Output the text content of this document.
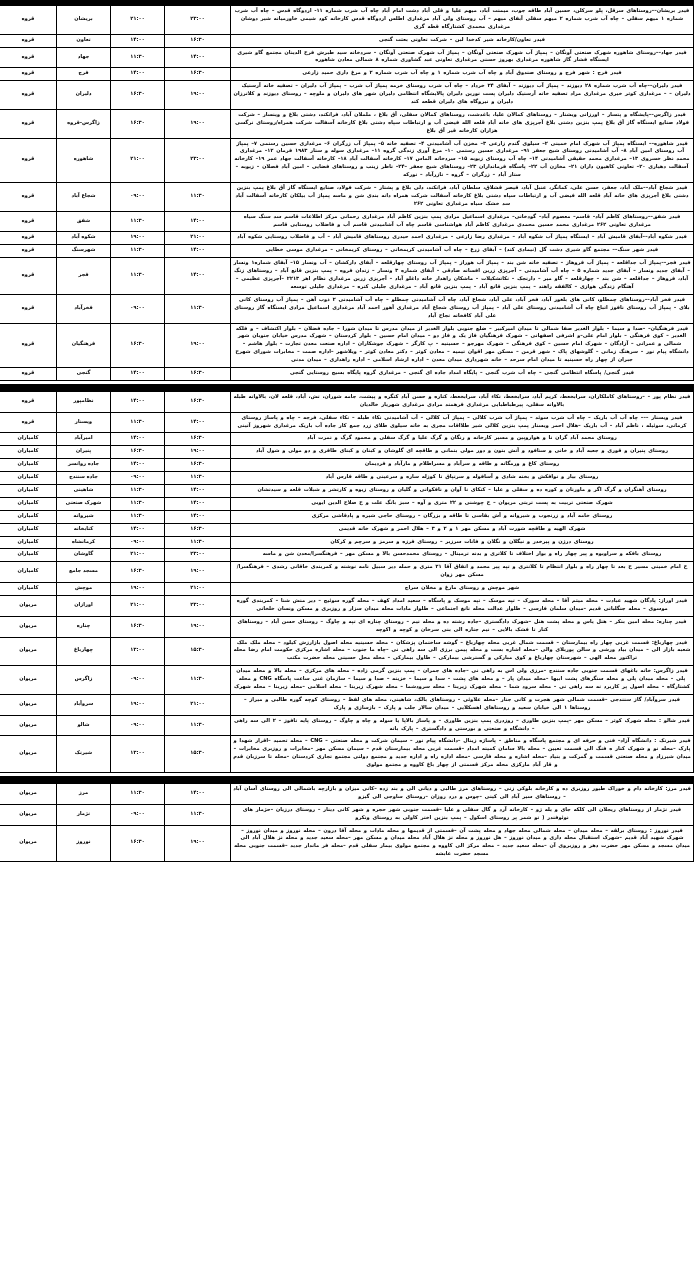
فیدر بریشان––روستاهای سرقل، پلو سرکلن، حسین آباد طاقه جوب، میمنت آباد، میهم علیا و قلی آباد دشت امام آباد چاه آب شرب شماره ۱۱- اردوگاه قدس – چاه آب شرب شماره ۱ میهم سفلی – چاه آب شرب شماره ۲ میهم سفلی آبفای میهم – آب روستای ولی آباد مرغداری اطلس اردوگاه قدس کارخانه کود شیمی خاورمیانه شیر دوشان مرغداری محمدی کشتارگاه قطه گری	۲۳:۰۰	۲۱:۰۰	بریشان	قروه
فیدر تعاون/کارخانه شیر کدخدا لبن – شرکت تعاونی بعثت گنجی	۱۶:۳۰	۱۴:۰۰	تعاون	قروه
فیدر جهاد––روستای شاهوره شهرک صنعتی آونگان – پمپاژ آب شهرک صنعتی آونگان – پمپاژ آب شهرک صنعتی آونگان – سردخانه سید طبرش فرخ الدینان مجتمع گاو شیری ایستگاه فشار گاز شاهوره مرغداری بهروز حسنی مرغداری تعاونی عبد گشاوری شماره ۸ شمالی معادن شاهوره	۱۴:۰۰	۱۱:۳۰	جهاد	قروه
فیدر فرج : شهر فرج و روستای صندوق آباد و چاه آب شرب شماره ۱ و چاه آب شرب شماره ۲ و مرغ داری حمید زارعی	۱۶:۳۰	۱۴:۰۰	فرج	قروه
فیدر دلیران––چاه آب شرب شماره ۲۸ دیوزند – پمپاژ آب دیوزند – آبفای ۲۴ خرداد – چاه آب شرب روستای خرمه پمپاژ آب شرب – پمپاژ آب دلیران – تصفیه خانه آرسنیک دلیران – – مرغداری کوثر خیری مرغداری مراد تصفیه خانه آرسنیک دلیران پست نورین دلیران پالایشگاه انتظامی دلیران شهر های دلیران و ملوچه – روستای دیوزند و کلاترزان دلیران و نیروگاه های دلیران قطعه کند	۱۹:۰۰	۱۶:۳۰	دلیران	قروه
فیدر زاگرس––پایشگاه و پتسار – اورزانی ویشنار – روستاهای کمالان علیا، باغدشت، روستاهای کمالان سفلی، آق بلاغ ، ململان آباد، فرانکند، دشتی بلاغ و وینسار – شرکت فولاد صنایع ایستگاه گاز آق بلاغ پمپ بنزین دشتی بلاغ آجرپزی های خانه آباد قلعه الله فیضی آب و ارتباطات سپاه دشتی بلاغ کارخانه آسفالت شرکت همراه/روستای نرگسی هزاران کارخانه قیر آق بلاغ	۱۹:۰۰	۱۶:۳۰	زاگرس-قروه	قروه
فیدر شاهوره–– ایستگاه پمپاژ آب شهرک امام خمینی ۲– سیلوی گندم زارعی ۳– مخزن آب آشامیدنی ۴– تصفیه خانه ۵– پمپاژ آب زرگران ۶– مرغداری حسین رستمی ۷– پمپاژ آب روستای امین آباد ۸– آب آشامیدنی روستای شیخ جعفر ۹۱– مرغداری حسین رستمی ۱۰– مرغ آوری زندگی گروه ۱۱– مرغداری سوله و ستار ۱۹۸۳ فرمان ۱۲– مرغداری محمد نظر خسروی ۱۳– مرغداری محمد حقیقی آشامیدنی ۱۴– چاه آب روستای زیوبه ۱۵– سردخانه الماس ۱۷– کارخانه آسفالت آباد ۱۸– کارخانه آسفالت جهاد عمر ۱۹– کارخانه آسفالت دهیاری ۲۰– تعاونی کاهیون داران ۲۱– مخازن آب ۲۲– پاسگاه فرمانداران ۲۳– روستاهای شیخ جعفر –۲۴– ناظر زینب و روستاهای فضایی – امین آباد فصلان – زیوبه – ستار آباد – زرگران – گروه – نازرآباد – نورکه	۲۳:۰۰	۲۱:۰۰	شاهوره	قروه
فیدر شجاع آباد––ملک آباد، جعفر، حسن علی، کمانگر، عنبل آباد، قیصر قشلاق، سلطان آباد، فرانکند، دلی بلاغ و پشتار – شرکت فولاد، صنایع ایستگاه گاز آق بلاغ پمپ بنزین دشتی بلاغ آجرپزی های خانه آباد قلعه الله فیضی آب و ارتباطات سپاه دشتی بلاغ کارخانه آسفالت شرکت همراه دانه بندی شن و ماسه پمپاژ آب بیلکان کارخانه آسفالت آباد سد خشک سیاه مرغداری تعاونی ۲۶۲	۱۱:۳۰	۰۹:۰۰	شجاع آباد	قروه
فیدر شفق––روستاهای کاظم آباد– قاسم– معصوم آباد– گودخانی– مرغداری اسماعیل مرادی پمپ بنزین کاظم آباد مرغداری رحمانی مرکز اطلاعات قاسم سد سنگ سیاه مرغداری تعاونی ۲۶۲ مرغداری محمد حسین محمدی مرغداری کاظم آباد هواشناسی قاسم چاه آب آشامیدنی قاسم آب و فاضلاب روستایی قاسم	۱۴:۰۰	۱۱:۳۰	شفق	قروه
فیدر شکوه آباد––آبفای قامیش آباد – ایستگاه پمپاژ آب شکوه آباد – مرغداری رضا زارعی – مرغداری احمد حیدری روستاهای قامیش آباد – آب و فاضلاب روستایی شکوه آباد	۲۱:۰۰	۱۹:۰۰	شکوه آباد	قروه
فیدر شهر سنگ–– مجتمع گاو شیری دشت گل (نیمادی کند) – آبفای زرع – چاه آب آشامیدنی کریمخانی – روستای کریمخانی – مرغداری موسی خطایی	۱۴:۰۰	۱۱:۳۰	شهرسنگ	قروه
فیدر فجر––پمپاژ آب جداقلعه – پمپاژ آب فروهاز – تصفیه خانه شن بند – پمپاژ آب هوراز – پمپاژ آب روستای چهارقلعه – آبفای دارکشان – آب ونسار ۱۵– آبفای شماره۱ ونسار – آبفای جدید ونسار – آبفای جدید شماره ۵ – چاه آب آشامیدنی – آجرپزی زرین افسانه صادقی – آبفای شماره ۳ ونسار – زندان فروه – پمپ بنزین قانع آباد – روستاهای زنگ آباد، فروهاز – جداقلعه – شن بند – چهارقلعه – گاو میر – دارنجک – نکاتشکیلات – ماشکان راهدار خانه داغلو آباد – آجرپزی زرین مرغداری نظام اهر ۲۲۱۳ –آجرپزی عظیمی – آهنگام زندگی هوازی – کالفقه راهند – پمپ بنزین قانع آباد – پمپ بنزین قانع آباد – مرغداری جلیلی کنره – مرغداری جلیلی توسعه	۱۴:۰۰	۱۱:۳۰	فجر	قروه
فیدر فخر آباد––روستاهای چمطلو، کانی های بلغور آباد، فخر آباد، علی آباد، شجاع آباد، چاه آب آشامیدنی چمطلو – چاه آب آشامیدنی ۲ ذوب آهن – پمپاژ آب روستای کانی بلای – پمپاژ آب روستای نافوز اتباع چاه آب آشامیدنی روستای علی آباد – پمپاژ آب روستای شجاع آباد مرغداری آهور احمد آباد مرغداری اسماعیل مرادی ایستگاه گاز روستای علی آباد کافخانه نجاح آباد	۱۱:۳۰	۰۹:۰۰	فخرآباد	قروه
فیدر فرهنگیان– –صدا و سیما – بلوار الغدیر صفا شمالی تا میدان امیرکبیر – ضلع جنوبی بلوار الغدیر از میدان مدرس تا میدان شورا – جاده فضلان – بلوار اکتشاف – و فلکه الغدیر – کوی فرهنگی – بلوار امام علی–و اشرفی اصفهانی – شهرک فرهنگیان فاز یک و فاز دو – میدان امام حسین – بلوار کردستان – شهرک مدرس خیابان جنوبان شهر شمالی و عمرانی – آزادگان – شهرک امام حسین – کوی فرهنگی – شهرک مهرجو – حسینیه – پ کارگر – شهرک جوشکاران – اداره صنعت معدن تجارت – بلوار هاشم – دانشگاه پیام نور – سرهنگ زمانی – گلوشهای پاک – شهر قرمن – مسکن مهر اقوان تیمیه – معادن کوثر – دکتر معادن کوثر – ویلاشهر –اداره صمت – مخابرات شورای شهرح جبران از چهار راه حسینیه تا میدان امام سرحد – خانه شهرداری میدان معدن – اداره ارشاد اسلامی – اداره راهداری – میدان مدنی	۱۹:۰۰	۱۶:۳۰	فرهنگیان	قروه
فیدر گنجی/ پاسگاه انتظامی گنجی – چاه آب شرب گنجی – پایگاه امداد جاده ای گنجی – مرغداری گروه پایگاه بسیج روستایی گنجی	۱۶:۳۰	۱۴:۰۰	گنجی	قروه

فیدر نظام پور – –روستاهای کاملکاران، سرابخعط، کریم آباد، سرابخعط، نکاء آباد، سرابخعط، کناره و حسن آباد کنگره و پیشت، جامه شوران، تش، آباد، قلعه لان، بالاوانه طبله بالاوانه سفلی، پیرطباطبایی مرغداری فرهمند مرادی مرغداری شهریار خالدیان	۱۶:۳۰	۱۴:۰۰	نظامپور	قروه
فیدر ویسنار ––– چاه آب آب باریک – چاه آب شرب سوئد – پمپاژ آب شرب کلالی – پمپاژ آب کلالی – آب آشامیدنی نکاء طبله – نکاء سفلی، فرجه – چاه و پاساژ روستای کرمانی، سوئیله ، ناظم آباد – آب باریک –هلال احمر ویسنار پمپ بنزین کلالی شیر طلااقات مجری به خانه سیلوی طلای زرد جمع کار جاده آب باریک مرغداری شهروز آتینی	۱۴:۰۰	۱۱:۳۰	ویسنار	قروه
روستای محمد آباد گران نا و هواروپین و مسیر کارخانه و رنگان و گرگ علیا و گرگ سفلی و محمود گرگ و نمرت آباد	۱۶:۳۰	۱۴:۰۰	امیرآباد	کامیاران
روستای پنیران و قوری و جعبه آباد و خانی و سنافود و آتش بتون و دور مولی بتمانی و طاقچه ای گلوشان و کبنان و کبنای طاقری و دو مولی و شول آباد	۱۹:۰۰	۱۶:۳۰	پنیران	کامیاران
روستای کاغ و ورمگانه و طاقه و سرآباد و مسراطلام و مارآباد و فردیمان	۱۶:۳۰	۱۴:۰۰	جاده روانسر	کامیاران
روستای بیار و نوافکش و بخته شادی و آسافوله و سرتپاق تا کوزله ساره و سرعینی و طاقه فارس آباد	۱۱:۳۰	۰۹:۰۰	جاده سنندج	کامیاران
روستای آهنگران و گرگ اگر و ماورنان و کوره ده و سفلی و علیا – کنکای نا آوان و نافکوانی و گلیان و روستای زیوه و کارتشر و شبلات قلعه و سیدنشان	۱۴:۰۰	۱۱:۳۰	شاهینی	کامیاران
شهرک صنعتی تربیت به پست تربتی مریوان – خ چوشنی و ۲۲ متری و آوه – سبز بانگ علت و خ صلاح الدین ایوبی	۱۴:۰۰	۱۱:۳۰	شهرک صنعتی	کامیاران
روستای خامه آباد و زرنجوب و شیروانه و آش بقاسی تا طاقه و بزرگان – روستای حاجی شیره و پادقاشی مرکزی	۱۴:۰۰	۱۱:۳۰	شیروانه	کامیاران
شهرک الهیه و طاقچه شورت آباد و مسکن مهر ۱ و ۲ و ۳ – هلال احمر و شهرک خانه قدیمی	۱۶:۳۰	۱۴:۰۰	کتابخانه	کامیاران
روستای درژن و پیرخدر و نیگلان و نگلان و فانات سرزبر – روستای فرزه و سرمز و سرچم و کرکان	۱۱:۳۰	۰۹:۰۰	کرمانشاه	کامیاران
روستای بافکه و سراوبوه و پیر چهار راه و بوار اختلاف تا کلاتری و بدنه ترمینال – روستای محمدحسن بالا و مسکن مهر – فرهنگسرا/معدن شن و ماسه	۲۳:۰۰	۲۱:۰۰	گاوشان	کامیاران
خ امام خمینی مسیر خ بعد تا چهار راه و بلوار انتظام تا کلانتری و تپه پیر محمد و اتفاق آقا ۲۱ متری و حمله دیر سبیل نامه نوشته و کمربندی خاقانی رشدی – فرهنگسرا/مسکن مهر زوان	۱۹:۰۰	۱۶:۳۰	مسجد جامع	کامیاران
شهر موچش و روستای مارغ و مخلان سراج	۲۱:۰۰	۱۹:۰۰	موچش	کامیاران
فیدر اوراز: پادگان شهید عبادت – محله میثم آقا – محله سورک – تپه موسک – تپه موسک و پاسگاه – سعید امداد کهف – محله گوره سوئیج – دیر منش شنا – کمربندی گوره موسوی – محله جنگلبانی قدیم –میدان سلمان فارسی – طلوار عدالت محله نانغ اجتماعی – طلوار مادات محله میدان سزار و روزبری و مسکن ونسان خلخانی	۲۳:۰۰	۲۱:۰۰	اورازان	مریوان
فیدر چناره: محله امین بنکر – هتل یاس و محله پشت هتل –شهرک دادگستری –جاده رشته ده و محله نیم – روستای چناره ای تپه و چاوگ – روستای حسن آباد – روستاهای کنار تا فشک بالایی – نیم جناره الی بنی سرخان و کوچه و اکوچه	۱۹:۰۰	۱۶:۳۰	چناره	مریوان
فیدر چهارباغ: قسمت غربی چهار راه بیمارستان – قسمت شمال غربی محله چهارباغ – گوشه ساختمان پزشکان – محله حسینیه محله اصول بازارزش کیلود – محله ملک ملک شعبه بازار الی – میدان بیاد ورشی و سالن پوربلای والی –محله اشاره بست و محله پیمن برزی الی سه راهی نی –چاه ما جنوب – محله اشاره مرکزی حکومت امام رضا محله تراکتور محله الهی – شهرستان چهارباغ و کوی مبارکی و گسترشی بیمارکی – طاول بیمارکی – محله محل حسینی محله حضرت مکتب	۱۵:۳۰	۱۳:۰۰	چهارباغ	مریوان
فیدر زاگرس: خانه باغهای قسمت جنوبی جاده سنندج –مرزی ولی اس به راهی نی –جاده های جمران – پمپ بنزین گرمی زاده – محله های مرکزی – محله بالا و محله میدان پلی – محله میدان پلی و محله سنگرهای پشت ابیها –محله میدان پار – و محله های پشت – سدا و سیما – خزینه – صدا و سیما – سازمان غنی ساعت پاسگاه CNG و محله کشتارگاه – محله اصول پر کاربرد نه سه راهی نی – محله سرود شما – محله شهرک زیربنا – محله سرودشما – محله شهرک زیربنا – محله اسلامی –محله زیربنا – محله شهرک	۱۱:۳۰	۰۹:۰۰	زاگرس	مریوان
فیدر سروآباد/ گاز سنندجی –قسمت شمالی شهر هجرت و کانی جنار –محله علاوئی – روستاهای بالک، شاهینی، محله های لفظ – روستای کوچه گوره طالبی و میراز – روستاها ۱ الی خیابان سعید و روستاهای اهسکلایی – میدان سالار جلب و پارک – بازسازی و پارک	۲۱:۰۰	۱۹:۰۰	سروآباد	مریوان
فیدر شالو : محله شهرک کوثر – مسکن مهر –پمپ بنزین طاوری – روزدری پمپ بنزین طاوری – و پاساژ بالاپا یا سوله و چاه و چاوگ – روستای پایه نافوز – ۲ الی سه راهی – دانشگاه و صنعتی و بورستی و دادگستری – پارک بانه	۱۱:۳۰	۰۹:۰۰	شالو	مریوان
فیدر شیرنک : دانشگاه آزاد– فنی و حرفه ای و مجتمع پاسگاه و مناطق – پاساژه زینال –دانشگاه پیام نور – سیمان شرکت و محله صنعتی – CNG – محله تحمید –اقرار شهدا و پارک –محله نو و شهرک کنار ه فنگ الی قسمت تعیین – محله بالا سامان کمیته امداد –قسمت غربی محله بیمارستان قدم – سیمان مسکن مهر –مخابرات و روزبری مخابرات –میدان شیرزاد و محله صنعتی قسمت و گمرکت و بنیاد –محله اشاره و محله فارسی –محله اداره راه و اداره جدید و مجتمع دولتی مجتمع تجاری کردستان –محله تا سرزبان قدم و قار آباد مارکزی محله مرکز قسمتی از چهار باغ کاووه و مجتمع مولوی	۱۵:۳۰	۱۳:۰۰	شیرنک	مریوان

فیدر مرز: کارخانه دام و خوراک طیور روزبری ده و کارخانه بلوکی زنی – روستاهای مرز طالبی و دیانی الی و بند زده –کانی میزان و بازارچه باشمالی الی روستای آسان آباد – روستاهای سیر آباد الی کینی –چوس و درد روزان –روستای ساوجی الی گیزو	۱۴:۰۰	۱۱:۳۰	مرز	مریوان
فیدر نژمار از روستاهای ریجلان الی کلکه جای و یله ژو – کارخانه آرد و گال سفلی و علیا –قسمت جنوبی شهر حجره و شهر کانی دینار – روستای درزیان –حژمار های نوئوفندر ( تو شمر پر روستای اسکول – پمپ بنزین اختر کاولی به روستای ونکرو	۱۱:۳۰	۰۹:۰۰	نژمار	مریوان
فیدر نوروز : روستای برلقه – محله میدان – محله شمالی محله جهاد و محله پشت آن –قسمتی از قدیمها و محله مادات و محله آقا درون – محله نوروز و میدان نوروز – شهرک شهید آباد قدیم –شهرک استقبال محله داری و میدان نوروز – هل نوروز و محله نز هلال آباد محله میدان و مسکن مهر –محله سعید جدید و محله نز هلال آباد الی میدان مسجد و مسکن مهر حضرت دهر و روزبروی آن –محله سعید جدید – محله مرکز الی کاووه و مجتمع مولوی بیمار سفلی قدم –محله فر ماندار جدید –قسمت جنوبی محله مسجد حضرت عابشه	۱۹:۰۰	۱۶:۳۰	نوروز	مریوان
